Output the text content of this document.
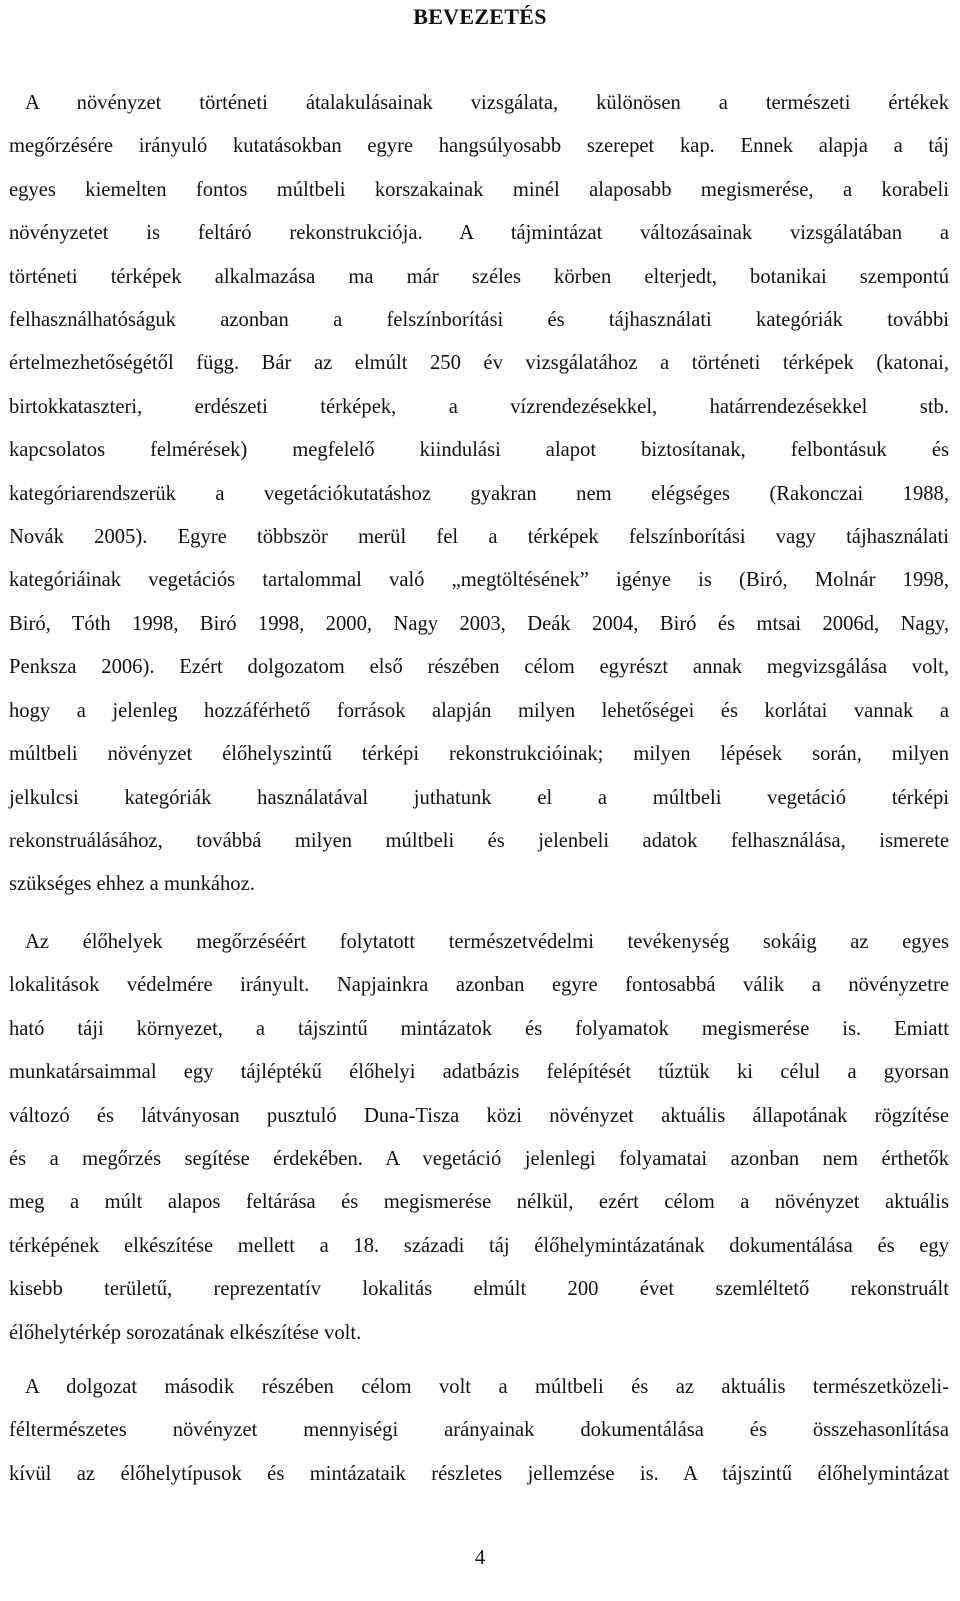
BEVEZETÉS
A növényzet történeti átalakulásainak vizsgálata, különösen a természeti értékek
megőrzésére irányuló kutatásokban egyre hangsúlyosabb szerepet kap. Ennek alapja a táj
egyes kiemelten fontos múltbeli korszakainak minél alaposabb megismerése, a korabeli
növényzetet is feltáró rekonstrukciója. A tájmintázat változásainak vizsgálatában a
történeti térképek alkalmazása ma már széles körben elterjedt, botanikai szempontú
felhasználhatóságuk azonban a felszínborítási és tájhasználati kategóriák további
értelmezhetőségétől függ. Bár az elmúlt 250 év vizsgálatához a történeti térképek (katonai,
birtokkataszteri, erdészeti térképek, a vízrendezésekkel, határrendezésekkel stb.
kapcsolatos felmérések) megfelelő kiindulási alapot biztosítanak, felbontásuk és
kategóriarendszerük a vegetációkutatáshoz gyakran nem elégséges (Rakonczai 1988,
Novák 2005). Egyre többször merül fel a térképek felszínborítási vagy tájhasználati
kategóriáinak vegetációs tartalommal való „megtöltésének” igénye is (Biró, Molnár 1998,
Biró, Tóth 1998, Biró 1998, 2000, Nagy 2003, Deák 2004, Biró és mtsai 2006d, Nagy,
Penksza 2006). Ezért dolgozatom első részében célom egyrészt annak megvizsgálása volt,
hogy a jelenleg hozzáférhető források alapján milyen lehetőségei és korlátai vannak a
múltbeli növényzet élőhelyszintű térképi rekonstrukcióinak; milyen lépések során, milyen
jelkulcsi kategóriák használatával juthatunk el a múltbeli vegetáció térképi
rekonstruálásához, továbbá milyen múltbeli és jelenbeli adatok felhasználása, ismerete
szükséges ehhez a munkához.
Az élőhelyek megőrzéséért folytatott természetvédelmi tevékenység sokáig az egyes
lokalitások védelmére irányult. Napjainkra azonban egyre fontosabbá válik a növényzetre
ható táji környezet, a tájszintű mintázatok és folyamatok megismerése is. Emiatt
munkatársaimmal egy tájléptékű élőhelyi adatbázis felépítését tűztük ki célul a gyorsan
változó és látványosan pusztuló Duna-Tisza közi növényzet aktuális állapotának rögzítése
és a megőrzés segítése érdekében. A vegetáció jelenlegi folyamatai azonban nem érthetők
meg a múlt alapos feltárása és megismerése nélkül, ezért célom a növényzet aktuális
térképének elkészítése mellett a 18. századi táj élőhelymintázatának dokumentálása és egy
kisebb területű, reprezentatív lokalitás elmúlt 200 évet szemléltető rekonstruált
élőhelytérkép sorozatának elkészítése volt.
A dolgozat második részében célom volt a múltbeli és az aktuális természetközeli-
féltermészetes növényzet mennyiségi arányainak dokumentálása és összehasonlítása
kívül az élőhelytípusok és mintázataik részletes jellemzése is. A tájszintű élőhelymintázat
4
